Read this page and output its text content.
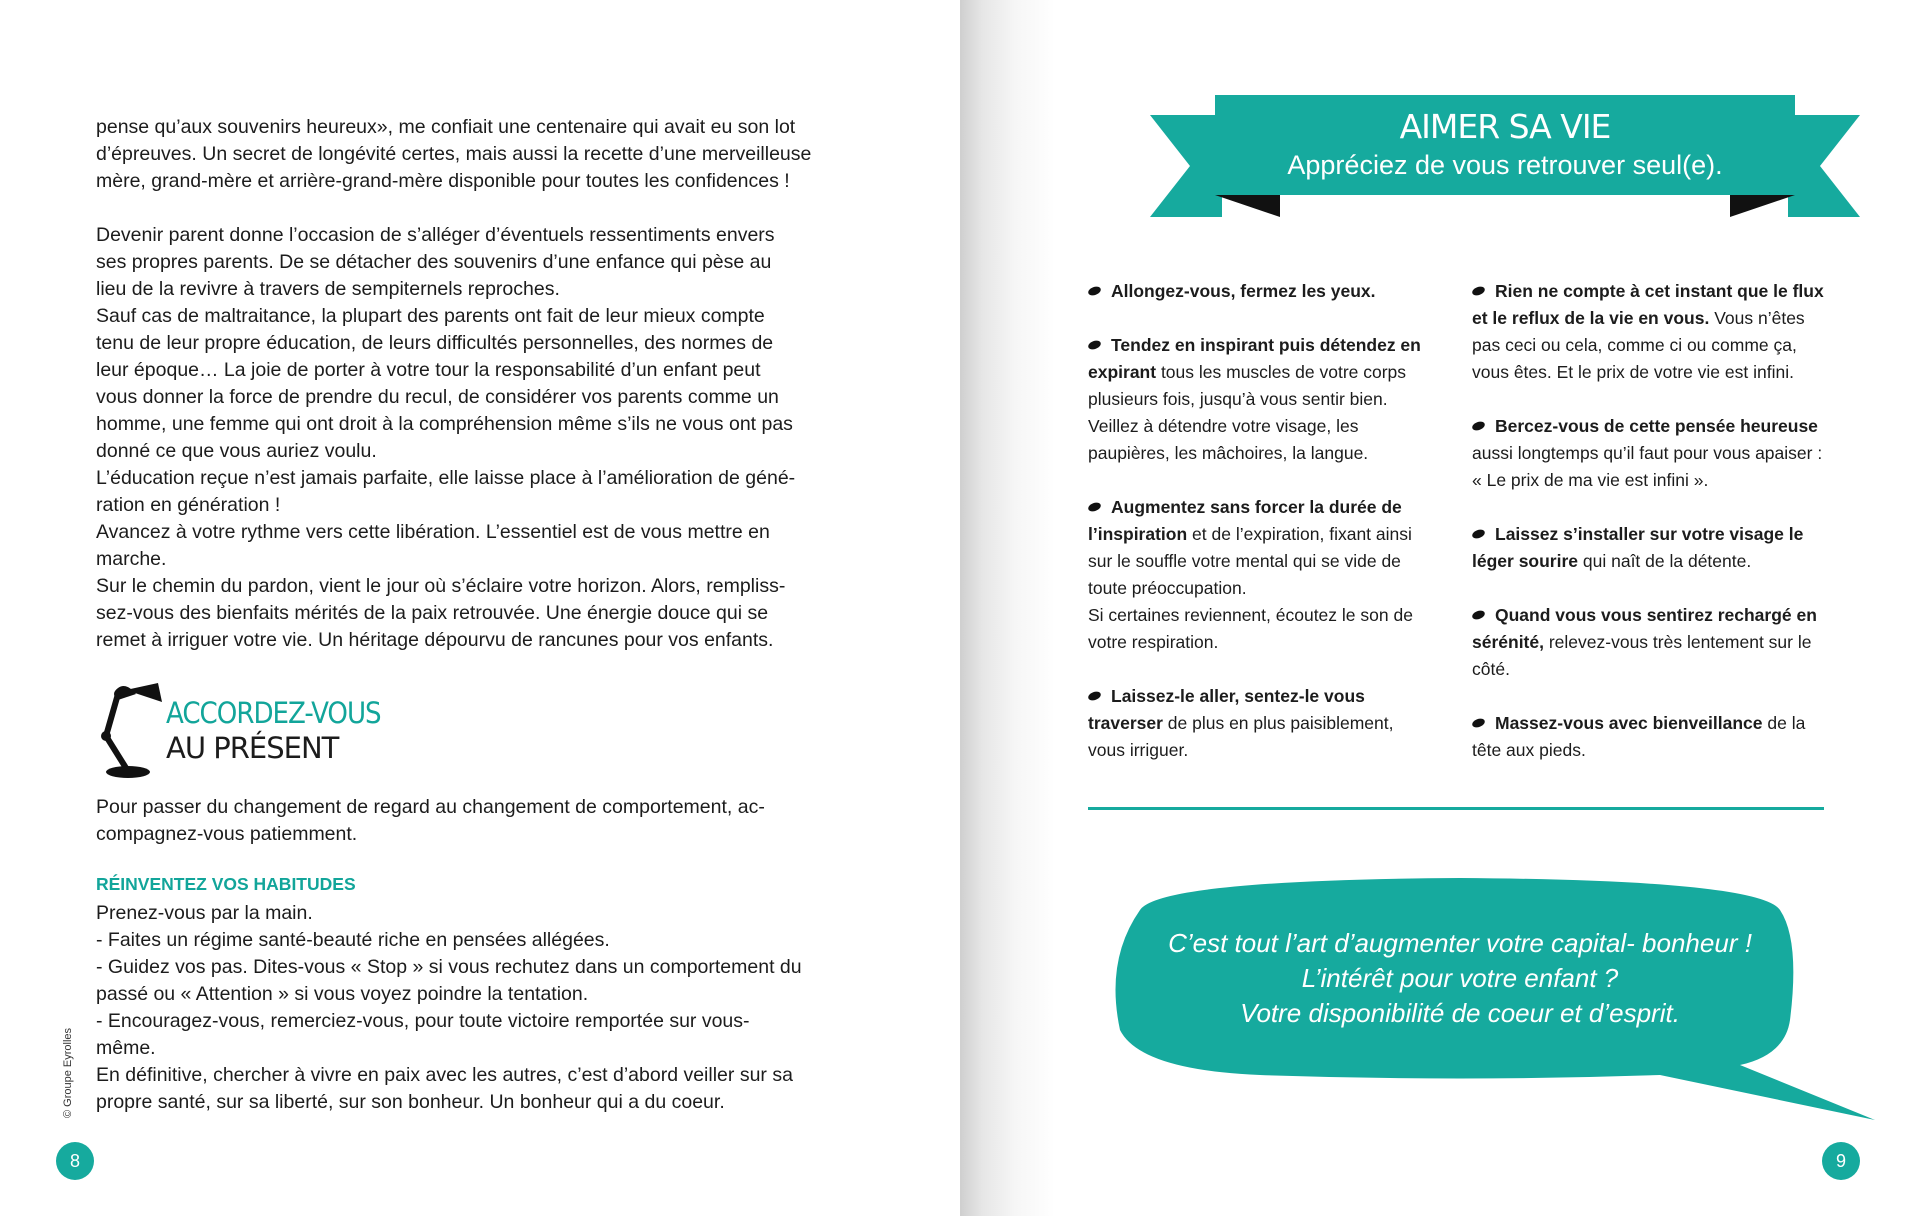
pense qu’aux souvenirs heureux», me confiait une centenaire qui avait eu son lot

d’épreuves. Un secret de longévité certes, mais aussi la recette d’une merveilleuse

mère, grand-mère et arrière-grand-mère disponible pour toutes les confidences !

Devenir parent donne l’occasion de s’alléger d’éventuels ressentiments envers

ses propres parents. De se détacher des souvenirs d’une enfance qui pèse au

lieu de la revivre à travers de sempiternels reproches.

Sauf cas de maltraitance, la plupart des parents ont fait de leur mieux compte

tenu de leur propre éducation, de leurs difficultés personnelles, des normes de

leur époque… La joie de porter à votre tour la responsabilité d’un enfant peut

vous donner la force de prendre du recul, de considérer vos parents comme un

homme, une femme qui ont droit à la compréhension même s’ils ne vous ont pas

donné ce que vous auriez voulu.

L’éducation reçue n’est jamais parfaite, elle laisse place à l’amélioration de géné-

ration en génération !

Avancez à votre rythme vers cette libération. L’essentiel est de vous mettre en

marche.

Sur le chemin du pardon, vient le jour où s’éclaire votre horizon. Alors, rempliss-

sez-vous des bienfaits mérités de la paix retrouvée. Une énergie douce qui se

remet à irriguer votre vie. Un héritage dépourvu de rancunes pour vos enfants.

ACCORDEZ-VOUS
AU PRÉSENT

Pour passer du changement de regard au changement de comportement, ac-

compagnez-vous patiemment.

RÉINVENTEZ VOS HABITUDES

Prenez-vous par la main.

- Faites un régime santé-beauté riche en pensées allégées.

- Guidez vos pas. Dites-vous « Stop » si vous rechutez dans un comportement du

passé ou « Attention » si vous voyez poindre la tentation.

- Encouragez-vous, remerciez-vous, pour toute victoire remportée sur vous-

même.

En définitive, chercher à vivre en paix avec les autres, c’est d’abord veiller sur sa

propre santé, sur sa liberté, sur son bonheur. Un bonheur qui a du coeur.

© Groupe Eyrolles
8
AIMER SA VIE
Appréciez de vous retrouver seul(e).

Allongez-vous, fermez les yeux.

Tendez en inspirant puis détendez en expirant tous les muscles de votre corps plusieurs fois, jusqu’à vous sentir bien. Veillez à détendre votre visage, les paupières, les mâchoires, la langue.

Augmentez sans forcer la durée de l’inspiration et de l’expiration, fixant ainsi sur le souffle votre mental qui se vide de toute préoccupation.
Si certaines reviennent, écoutez le son de votre respiration.

Laissez-le aller, sentez-le vous traverser de plus en plus paisiblement, vous irriguer.

Rien ne compte à cet instant que le flux et le reflux de la vie en vous. Vous n’êtes pas ceci ou cela, comme ci ou comme ça, vous êtes. Et le prix de votre vie est infini.

Bercez-vous de cette pensée heureuse aussi longtemps qu’il faut pour vous apaiser : « Le prix de ma vie est infini ».

Laissez s’installer sur votre visage le léger sourire qui naît de la détente.

Quand vous vous sentirez rechargé en sérénité, relevez-vous très lentement sur le côté.

Massez-vous avec bienveillance de la tête aux pieds.

C’est tout l’art d’augmenter votre capital- bonheur !
L’intérêt pour votre enfant ?
Votre disponibilité de coeur et d’esprit.
9
